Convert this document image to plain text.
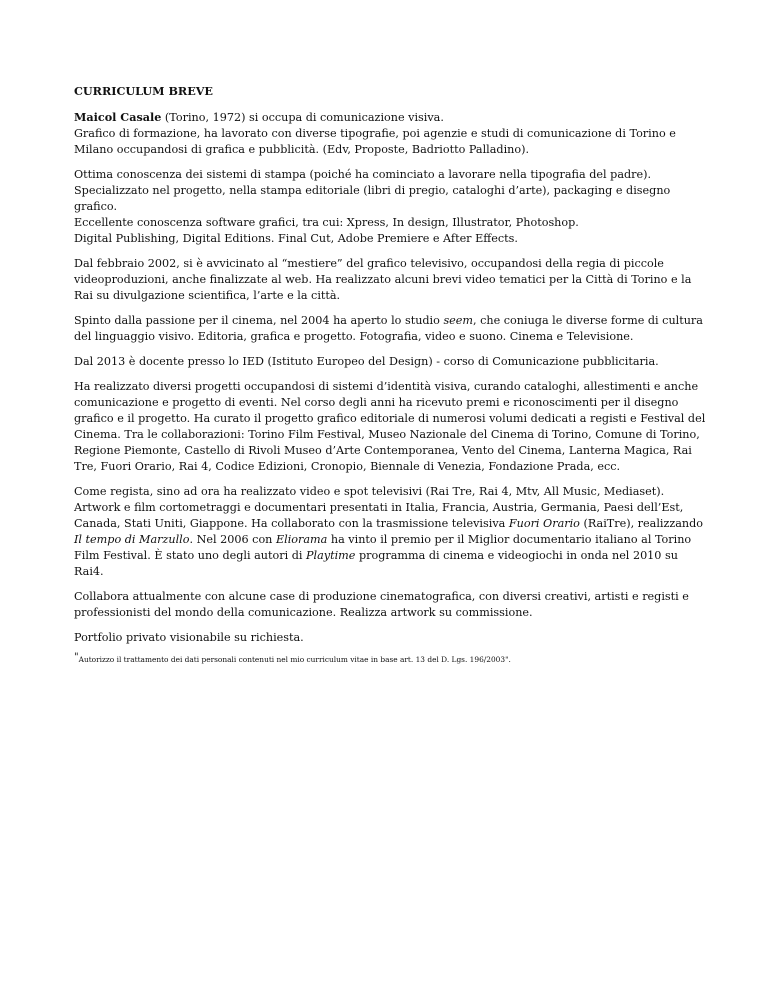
CURRICULUM BREVE

Maicol Casale (Torino, 1972) si occupa di comunicazione visiva.
Grafico di formazione, ha lavorato con diverse tipografie, poi agenzie e studi di comunicazione di Torino e Milano occupandosi di grafica e pubblicità. (Edv, Proposte, Badriotto Palladino).

Ottima conoscenza dei sistemi di stampa (poiché ha cominciato a lavorare nella tipografia del padre).
Specializzato nel progetto, nella stampa editoriale (libri di pregio, cataloghi d’arte), packaging e disegno grafico.
Eccellente conoscenza software grafici, tra cui: Xpress, In design, Illustrator, Photoshop.
Digital Publishing, Digital Editions. Final Cut, Adobe Premiere e After Effects.

Dal febbraio 2002, si è avvicinato al “mestiere” del grafico televisivo, occupandosi della regia di piccole videoproduzioni, anche finalizzate al web. Ha realizzato alcuni brevi video tematici per la Città di Torino e la Rai su divulgazione scientifica, l’arte e la città.

Spinto dalla passione per il cinema, nel 2004 ha aperto lo studio seem, che coniuga le diverse forme di cultura del linguaggio visivo. Editoria, grafica e progetto. Fotografia, video e suono. Cinema e Televisione.

Dal 2013 è docente presso lo IED (Istituto Europeo del Design) - corso di Comunicazione pubblicitaria.

Ha realizzato diversi progetti occupandosi di sistemi d’identità visiva, curando cataloghi, allestimenti e anche comunicazione e progetto di eventi. Nel corso degli anni ha ricevuto premi e riconoscimenti per il disegno grafico e il progetto. Ha curato il progetto grafico editoriale di numerosi volumi dedicati a registi e Festival del Cinema. Tra le collaborazioni: Torino Film Festival, Museo Nazionale del Cinema di Torino, Comune di Torino, Regione Piemonte, Castello di Rivoli Museo d’Arte Contemporanea, Vento del Cinema, Lanterna Magica, Rai Tre, Fuori Orario, Rai 4, Codice Edizioni, Cronopio, Biennale di Venezia, Fondazione Prada, ecc.

Come regista, sino ad ora ha realizzato video e spot televisivi (Rai Tre, Rai 4, Mtv, All Music, Mediaset). Artwork e film cortometraggi e documentari presentati in Italia, Francia, Austria, Germania, Paesi dell’Est, Canada, Stati Uniti, Giappone. Ha collaborato con la trasmissione televisiva Fuori Orario (RaiTre), realizzando Il tempo di Marzullo. Nel 2006 con Eliorama ha vinto il premio per il Miglior documentario italiano al Torino Film Festival. È stato uno degli autori di Playtime programma di cinema e videogiochi in onda nel 2010 su Rai4.

Collabora attualmente con alcune case di produzione cinematografica, con diversi creativi, artisti e registi e professionisti del mondo della comunicazione. Realizza artwork su commissione.

Portfolio privato visionabile su richiesta.

"Autorizzo il trattamento dei dati personali contenuti nel mio curriculum vitae in base art. 13 del D. Lgs. 196/2003".
